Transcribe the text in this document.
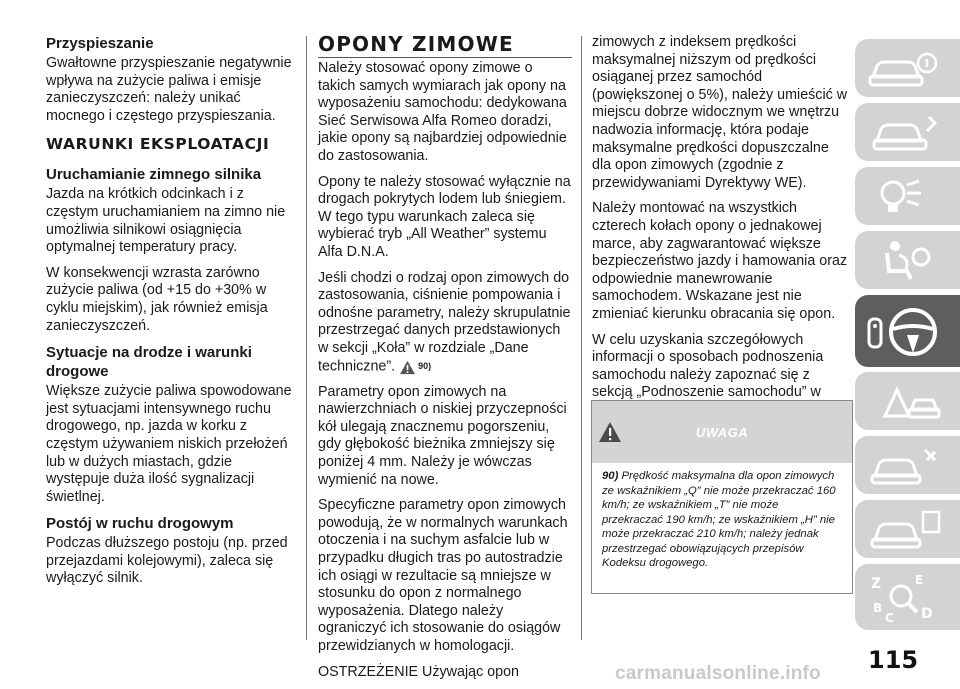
Przyspieszanie

Gwałtowne przyspieszanie negatywnie wpływa na zużycie paliwa i emisje zanieczyszczeń: należy unikać mocnego i częstego przyspieszania.

WARUNKI EKSPLOATACJI
Uruchamianie zimnego silnika

Jazda na krótkich odcinkach i z częstym uruchamianiem na zimno nie umożliwia silnikowi osiągnięcia optymalnej temperatury pracy.

W konsekwencji wzrasta zarówno zużycie paliwa (od +15 do +30% w cyklu miejskim), jak również emisja zanieczyszczeń.

Sytuacje na drodze i warunki drogowe

Większe zużycie paliwa spowodowane jest sytuacjami intensywnego ruchu drogowego, np. jazda w korku z częstym używaniem niskich przełożeń lub w dużych miastach, gdzie występuje duża ilość sygnalizacji świetlnej.

Postój w ruchu drogowym

Podczas dłuższego postoju (np. przed przejazdami kolejowymi), zaleca się wyłączyć silnik.

OPONY ZIMOWE

Należy stosować opony zimowe o takich samych wymiarach jak opony na wyposażeniu samochodu: dedykowana Sieć Serwisowa Alfa Romeo doradzi, jakie opony są najbardziej odpowiednie do zastosowania.

Opony te należy stosować wyłącznie na drogach pokrytych lodem lub śniegiem. W tego typu warunkach zaleca się wybierać tryb „All Weather” systemu Alfa D.N.A.

Jeśli chodzi o rodzaj opon zimowych do zastosowania, ciśnienie pompowania i odnośne parametry, należy skrupulatnie przestrzegać danych przedstawionych w sekcji „Koła” w rozdziale „Dane techniczne”.	90)

Parametry opon zimowych na nawierzchniach o niskiej przyczepności kół ulegają znacznemu pogorszeniu, gdy głębokość bieżnika zmniejszy się poniżej 4 mm. Należy je wówczas wymienić na nowe.

Specyficzne parametry opon zimowych powodują, że w normalnych warunkach otoczenia i na suchym asfalcie lub w przypadku długich tras po autostradzie ich osiągi w rezultacie są mniejsze w stosunku do opon z normalnego wyposażenia. Dlatego należy ograniczyć ich stosowanie do osiągów przewidzianych w homologacji.

OSTRZEŻENIE Używając opon

zimowych z indeksem prędkości maksymalnej niższym od prędkości osiąganej przez samochód (powiększonej o 5%), należy umieścić w miejscu dobrze widocznym we wnętrzu nadwozia informację, która podaje maksymalne prędkości dopuszczalne dla opon zimowych (zgodnie z przewidywaniami Dyrektywy WE).

Należy montować na wszystkich czterech kołach opony o jednakowej marce, aby zagwarantować większe bezpieczeństwo jazdy i hamowania oraz odpowiednie manewrowanie samochodem. Wskazane jest nie zmieniać kierunku obracania się opon.

W celu uzyskania szczegółowych informacji o sposobach podnoszenia samochodu należy zapoznać się z sekcją „Podnoszenie samochodu” w

UWAGA
90) Prędkość maksymalna dla opon zimowych ze wskaźnikiem „Q” nie może przekraczać 160 km/h; ze wskaźnikiem „T” nie może przekraczać 190 km/h; ze wskaźnikiem „H” nie może przekraczać 210 km/h; należy jednak przestrzegać obowiązujących przepisów Kodeksu drogowego.
Z	E
B
C D
115
carmanualsonline.info
